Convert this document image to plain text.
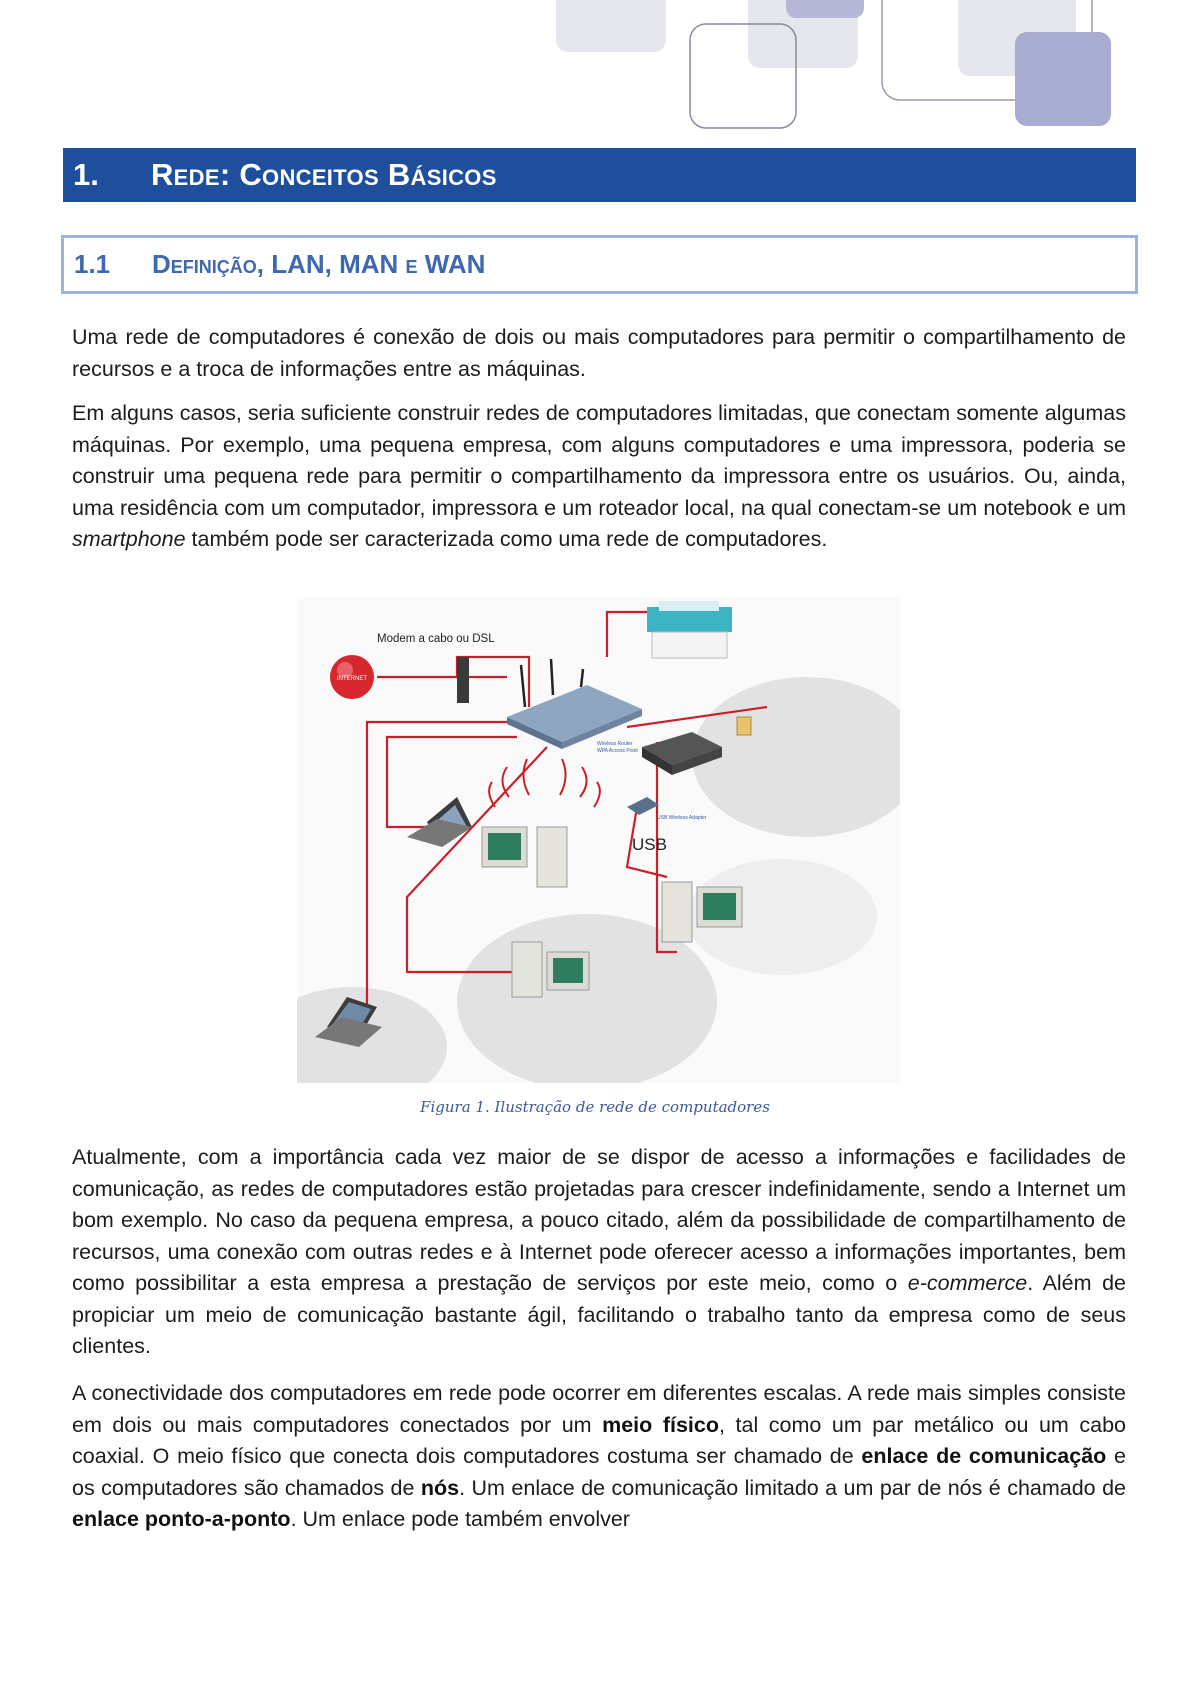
1.	Rede: Conceitos Básicos
1.1	Definição, LAN, MAN e WAN

Uma rede de computadores é conexão de dois ou mais computadores para permitir o compartilhamento de recursos e a troca de informações entre as máquinas.

Em alguns casos, seria suficiente construir redes de computadores limitadas, que conectam somente algumas máquinas. Por exemplo, uma pequena empresa, com alguns computadores e uma impressora, poderia se construir uma pequena rede para permitir o compartilhamento da impressora entre os usuários. Ou, ainda, uma residência com um computador, impressora e um roteador local, na qual conectam-se um notebook e um smartphone também pode ser caracterizada como uma rede de computadores.

INTERNET
Modem a cabo ou DSL
Wireless Router
WPA Access Point
USB Wireless Adapter
USB
Figura 1. Ilustração de rede de computadores

Atualmente, com a importância cada vez maior de se dispor de acesso a informações e facilidades de comunicação, as redes de computadores estão projetadas para crescer indefinidamente, sendo a Internet um bom exemplo. No caso da pequena empresa, a pouco citado, além da possibilidade de compartilhamento de recursos, uma conexão com outras redes e à Internet pode oferecer acesso a informações importantes, bem como possibilitar a esta empresa a prestação de serviços por este meio, como o e-commerce. Além de propiciar um meio de comunicação bastante ágil, facilitando o trabalho tanto da empresa como de seus clientes.

A conectividade dos computadores em rede pode ocorrer em diferentes escalas. A rede mais simples consiste em dois ou mais computadores conectados por um meio físico, tal como um par metálico ou um cabo coaxial. O meio físico que conecta dois computadores costuma ser chamado de enlace de comunicação e os computadores são chamados de nós. Um enlace de comunicação limitado a um par de nós é chamado de enlace ponto-a-ponto. Um enlace pode também envolver
